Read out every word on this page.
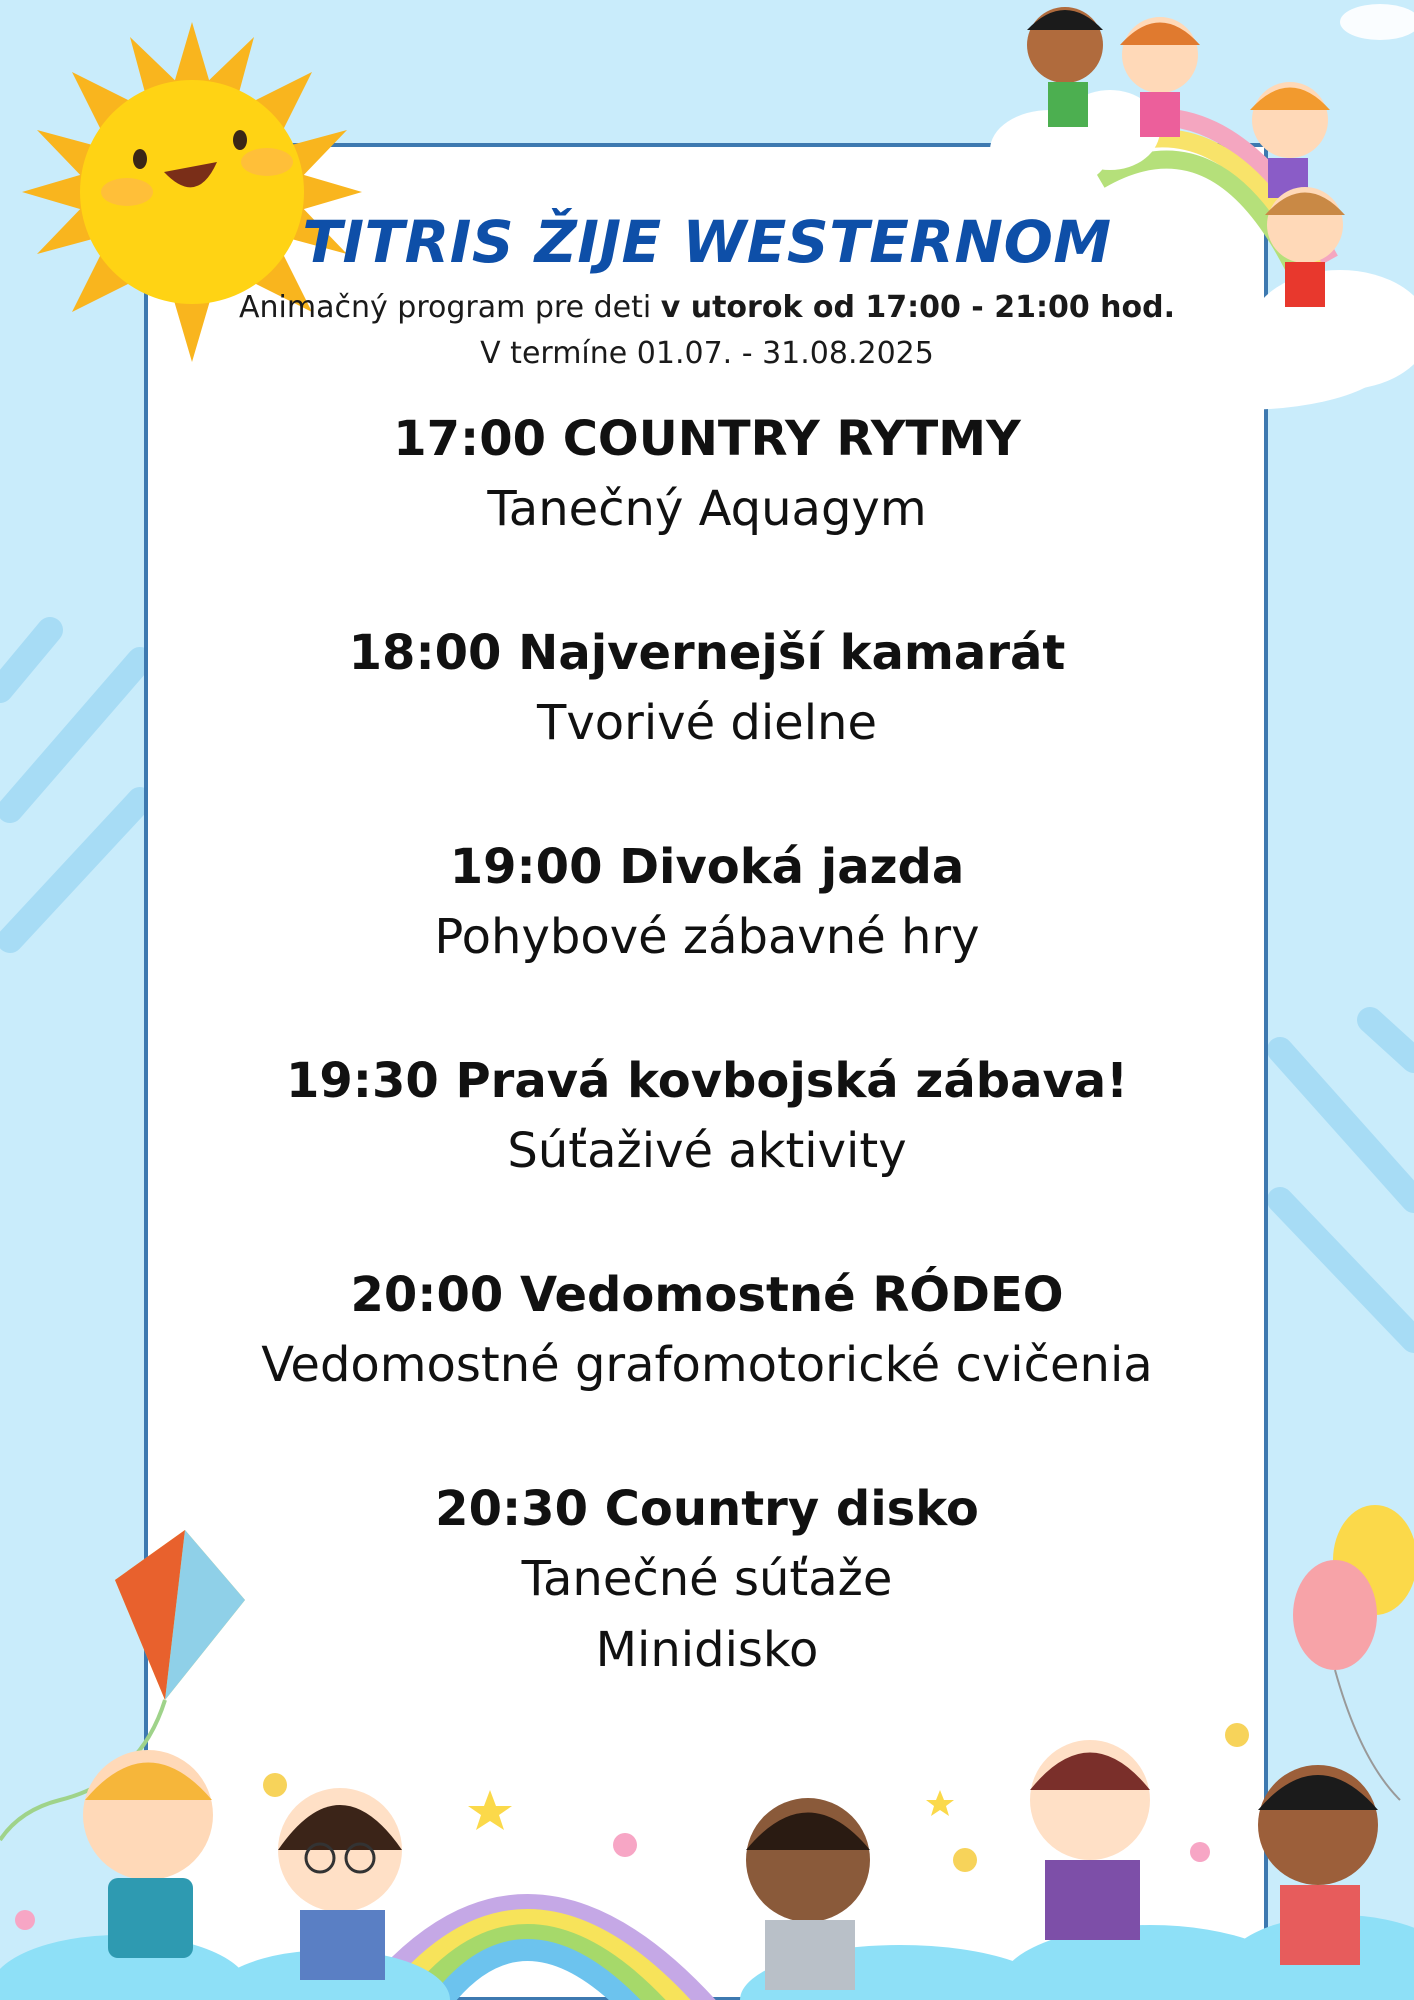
TITRIS ŽIJE WESTERNOM
Animačný program pre deti v utorok od 17:00 - 21:00 hod.
V termíne 01.07. - 31.08.2025
17:00 COUNTRY RYTMY

Tanečný Aquagym

18:00 Najvernejší kamarát

Tvorivé dielne

19:00 Divoká jazda

Pohybové zábavné hry

19:30 Pravá kovbojská zábava!

Súťaživé aktivity

20:00 Vedomostné RÓDEO

Vedomostné grafomotorické cvičenia

20:30 Country disko

Tanečné súťaže

Minidisko
